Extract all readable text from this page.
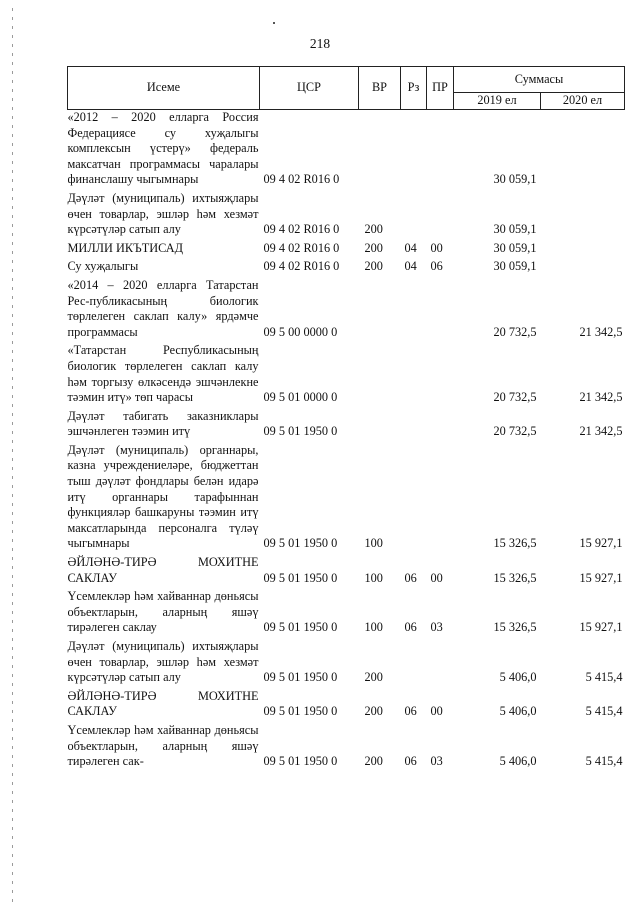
218
Исеме	ЦСР	ВР	Рз	ПР	Суммасы	
					2019 ел	2020 ел
«2012 – 2020 елларга Россия Федерациясе су хуҗалыгы комплексын үстерү» федераль максатчан программасы чаралары финанслашу чыгымнары	09 4 02 R016 0				30 059,1	
Дәүләт (муниципаль) ихтыяҗлары өчен товарлар, эшләр һәм хезмәт күрсәтүләр сатып алу	09 4 02 R016 0	200			30 059,1	
МИЛЛИ ИКЪТИСАД	09 4 02 R016 0	200	04	00	30 059,1	
Су хуҗалыгы	09 4 02 R016 0	200	04	06	30 059,1	
«2014 – 2020 елларга Татарстан Рес-публикасының биологик төрлелеген саклап калу» ярдәмче программасы	09 5 00 0000 0				20 732,5	21 342,5
«Татарстан Республикасының биологик төрлелеген саклап калу һәм торгызу өлкәсендә эшчәнлекне тәэмин итү» төп чарасы	09 5 01 0000 0				20 732,5	21 342,5
Дәүләт табигать заказниклары эшчәнлеген тәэмин итү	09 5 01 1950 0				20 732,5	21 342,5
Дәүләт (муниципаль) органнары, казна учреждениеләре, бюджеттан тыш дәүләт фондлары белән идарә итү органнары тарафыннан функцияләр башкаруны тәэмин итү максатларында персоналга түләү чыгымнары	09 5 01 1950 0	100			15 326,5	15 927,1
ӘЙЛӘНӘ-ТИРӘ МОХИТНЕ САКЛАУ	09 5 01 1950 0	100	06	00	15 326,5	15 927,1
Үсемлекләр һәм хайваннар дөньясы объектларын, аларның яшәү тирәлеген саклау	09 5 01 1950 0	100	06	03	15 326,5	15 927,1
Дәүләт (муниципаль) ихтыяҗлары өчен товарлар, эшләр һәм хезмәт күрсәтүләр сатып алу	09 5 01 1950 0	200			5 406,0	5 415,4
ӘЙЛӘНӘ-ТИРӘ МОХИТНЕ САКЛАУ	09 5 01 1950 0	200	06	00	5 406,0	5 415,4
Үсемлекләр һәм хайваннар дөньясы объектларын, аларның яшәү тирәлеген сак-	09 5 01 1950 0	200	06	03	5 406,0	5 415,4
